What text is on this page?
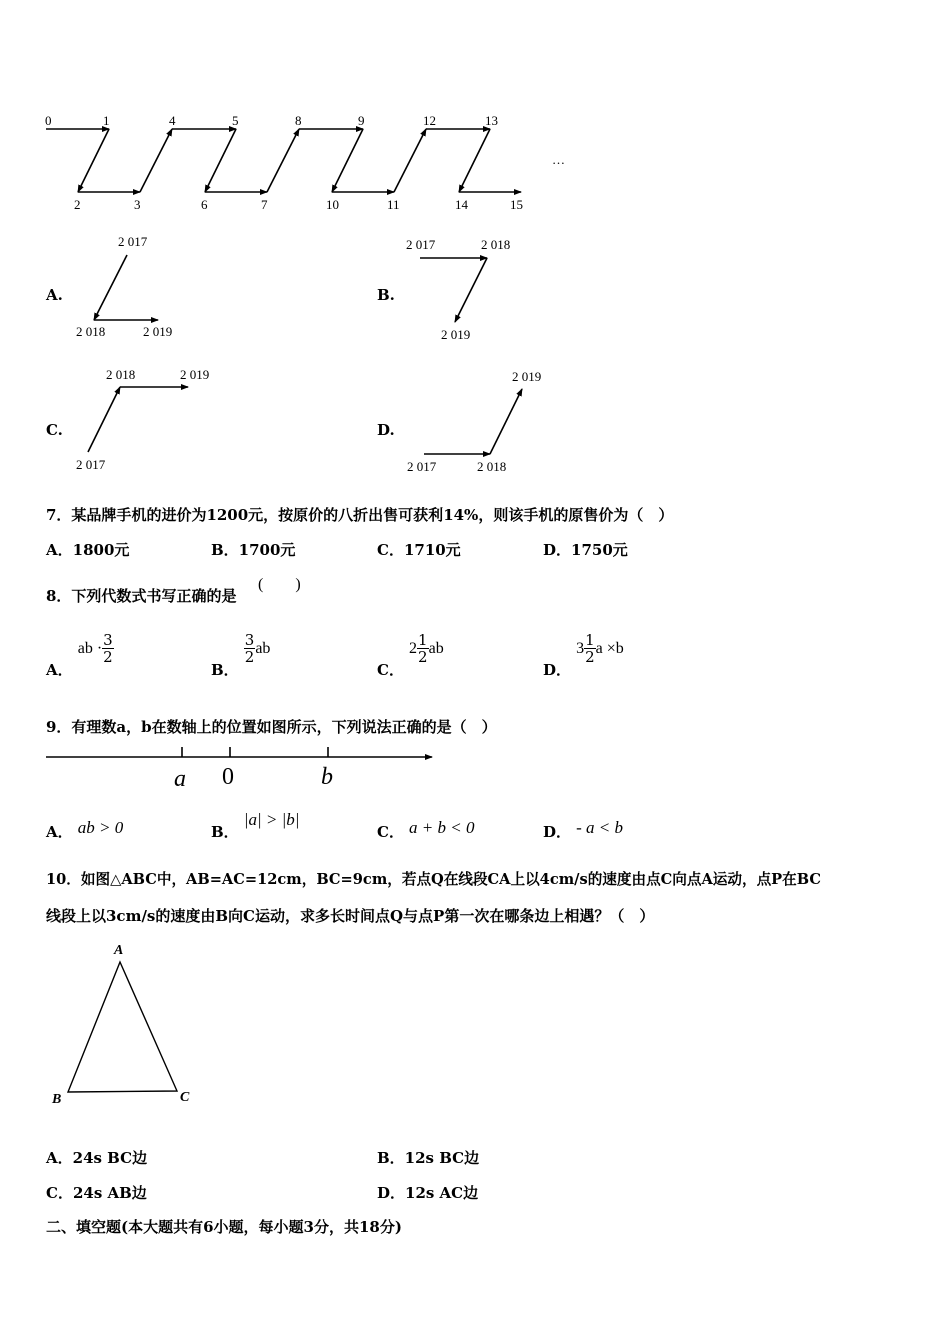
0	1
2	3
4	5
6	7
8	9
10	11
12	13
14	15
…
A.
2 017
2 018	2 019
B.
2 017	2 018
2 019
C.
2 018	2 019
2 017
D.
2 019
2 017	2 018
7．某品牌手机的进价为1200元，按原价的八折出售可获利14%，则该手机的原售价为（　）
A．1800元	B．1700元	C．1710元	D．1750元
8．下列代数式书写正确的是
(　　)
A． ab · $\frac{3}{2}$
B．
$\frac{3}{2}$ ab
C． $2 \frac{1}{2}$ ab
D． $3 \frac{1}{2}$ a ×b
9．有理数a，b在数轴上的位置如图所示，下列说法正确的是（　）
a 0	b
A． ab > 0	B． |a| > |b|
C． a + b < 0	D． - a < b
10．如图△ABC中，AB=AC=12cm，BC=9cm，若点Q在线段CA上以4cm/s的速度由点C向点A运动，点P在BC
线段上以3cm/s的速度由B向C运动，求多长时间点Q与点P第一次在哪条边上相遇？（　）
A
B	C
A．24s BC边	B．12s BC边
C．24s AB边	D．12s AC边
二、填空题(本大题共有6小题，每小题3分，共18分)
